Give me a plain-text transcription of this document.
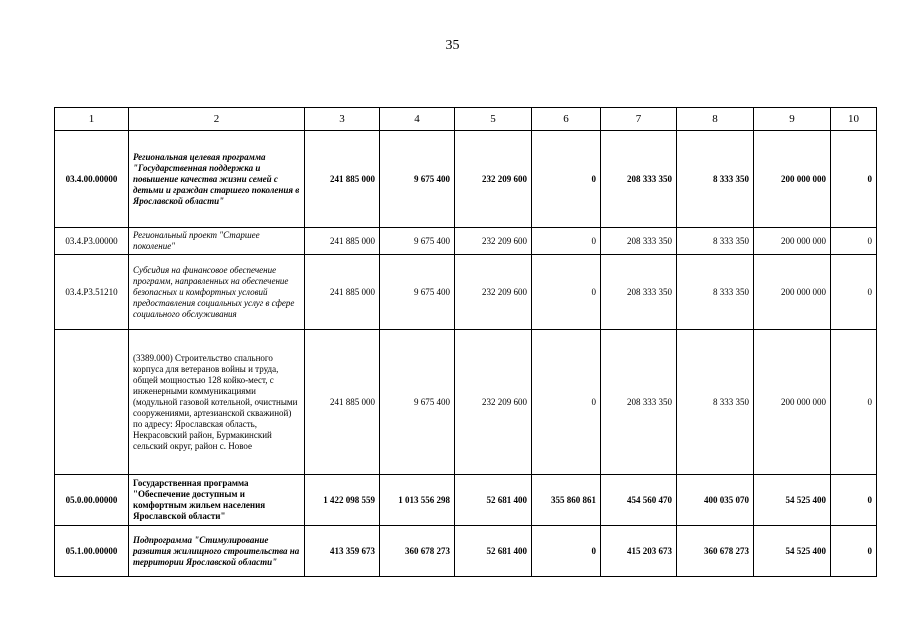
35
1	2	3	4	5	6	7	8	9	10
03.4.00.00000	Региональная целевая программа "Государственная поддержка и повышение качества жизни семей с детьми и граждан старшего поколения в Ярославской области"	241 885 000	9 675 400	232 209 600	0	208 333 350	8 333 350	200 000 000	0
03.4.Р3.00000	Региональный проект "Старшее поколение"	241 885 000	9 675 400	232 209 600	0	208 333 350	8 333 350	200 000 000	0
03.4.Р3.51210	Субсидия на финансовое обеспечение программ, направленных на обеспечение безопасных и комфортных условий предоставления социальных услуг в сфере социального обслуживания	241 885 000	9 675 400	232 209 600	0	208 333 350	8 333 350	200 000 000	0
	(3389.000) Строительство спального корпуса для ветеранов войны и труда, общей мощностью 128 койко-мест, с инженерными коммуникациями (модульной газовой котельной, очистными сооружениями, артезианской скважиной) по адресу: Ярославская область, Некрасовский район, Бурмакинский сельский округ, район с. Новое	241 885 000	9 675 400	232 209 600	0	208 333 350	8 333 350	200 000 000	0
05.0.00.00000	Государственная программа "Обеспечение доступным и комфортным жильем населения Ярославской области"	1 422 098 559	1 013 556 298	52 681 400	355 860 861	454 560 470	400 035 070	54 525 400	0
05.1.00.00000	Подпрограмма "Стимулирование развития жилищного строительства на территории Ярославской области"	413 359 673	360 678 273	52 681 400	0	415 203 673	360 678 273	54 525 400	0
